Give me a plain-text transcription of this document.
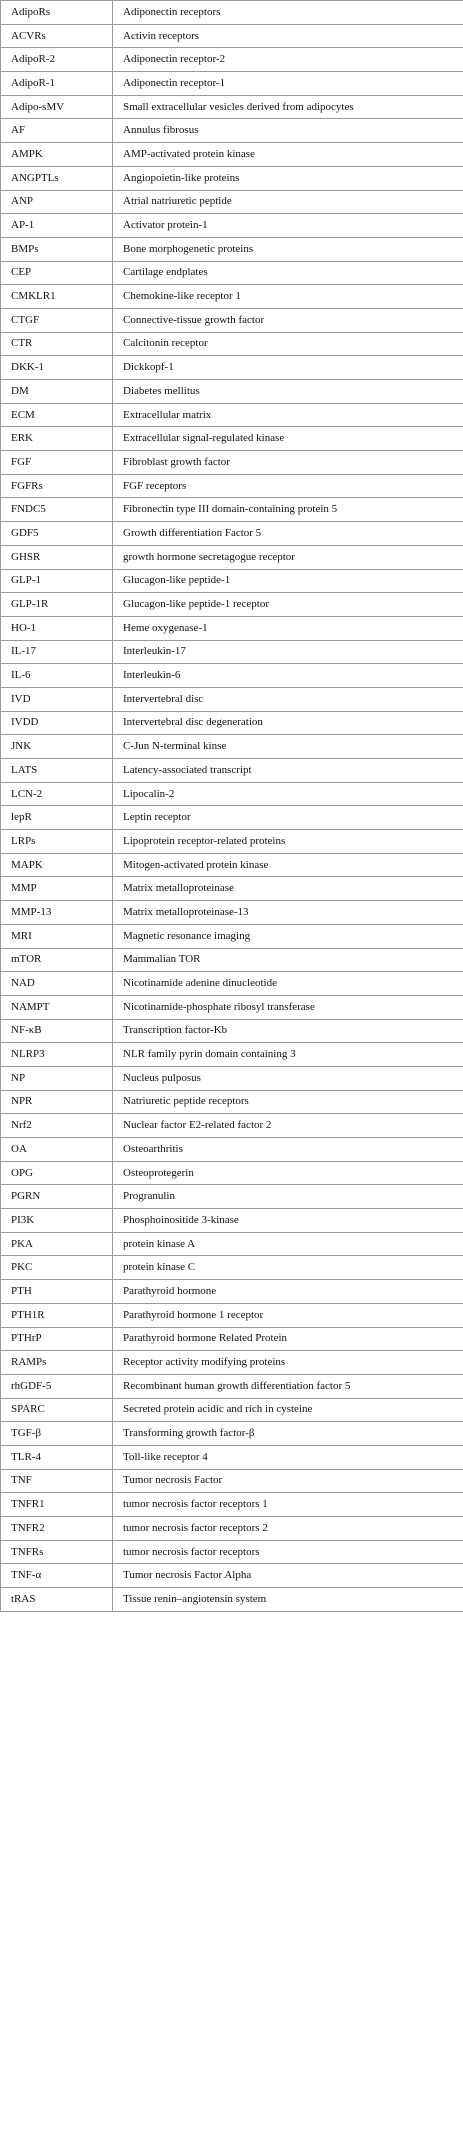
AdipoRs	Adiponectin receptors
ACVRs	Activin receptors
AdipoR-2	Adiponectin receptor-2
AdipoR-1	Adiponectin receptor-1
Adipo-sMV	Small extracellular vesicles derived from adipocytes
AF	Annulus fibrosus
AMPK	AMP-activated protein kinase
ANGPTLs	Angiopoietin-like proteins
ANP	Atrial natriuretic peptide
AP-1	Activator protein-1
BMPs	Bone morphogenetic proteins
CEP	Cartilage endplates
CMKLR1	Chemokine-like receptor 1
CTGF	Connective-tissue growth factor
CTR	Calcitonin receptor
DKK-1	Dickkopf-1
DM	Diabetes mellitus
ECM	Extracellular matrix
ERK	Extracellular signal-regulated kinase
FGF	Fibroblast growth factor
FGFRs	FGF receptors
FNDC5	Fibronectin type III domain-containing protein 5
GDF5	Growth differentiation Factor 5
GHSR	growth hormone secretagogue receptor
GLP-1	Glucagon-like peptide-1
GLP-1R	Glucagon-like peptide-1 receptor
HO-1	Heme oxygenase-1
IL-17	Interleukin-17
IL-6	Interleukin-6
IVD	Intervertebral disc
IVDD	Intervertebral disc degeneration
JNK	C-Jun N-terminal kinse
LATS	Latency-associated transcript
LCN-2	Lipocalin-2
lepR	Leptin receptor
LRPs	Lipoprotein receptor-related proteins
MAPK	Mitogen-activated protein kinase
MMP	Matrix metalloproteinase
MMP-13	Matrix metalloproteinase-13
MRI	Magnetic resonance imaging
mTOR	Mammalian TOR
NAD	Nicotinamide adenine dinucleotide
NAMPT	Nicotinamide-phosphate ribosyl transferase
NF-κB	Transcription factor-Kb
NLRP3	NLR family pyrin domain containing 3
NP	Nucleus pulposus
NPR	Natriuretic peptide receptors
Nrf2	Nuclear factor E2-related factor 2
OA	Osteoarthritis
OPG	Osteoprotegerin
PGRN	Progranulin
PI3K	Phosphoinositide 3-kinase
PKA	protein kinase A
PKC	protein kinase C
PTH	Parathyroid hormone
PTH1R	Parathyroid hormone 1 receptor
PTHrP	Parathyroid hormone Related Protein
RAMPs	Receptor activity modifying proteins
rhGDF-5	Recombinant human growth differentiation factor 5
SPARC	Secreted protein acidic and rich in cysteine
TGF-β	Transforming growth factor-β
TLR-4	Toll-like receptor 4
TNF	Tumor necrosis Factor
TNFR1	tumor necrosis factor receptors 1
TNFR2	tumor necrosis factor receptors 2
TNFRs	tumor necrosis factor receptors
TNF-α	Tumor necrosis Factor Alpha
tRAS	Tissue renin–angiotensin system
